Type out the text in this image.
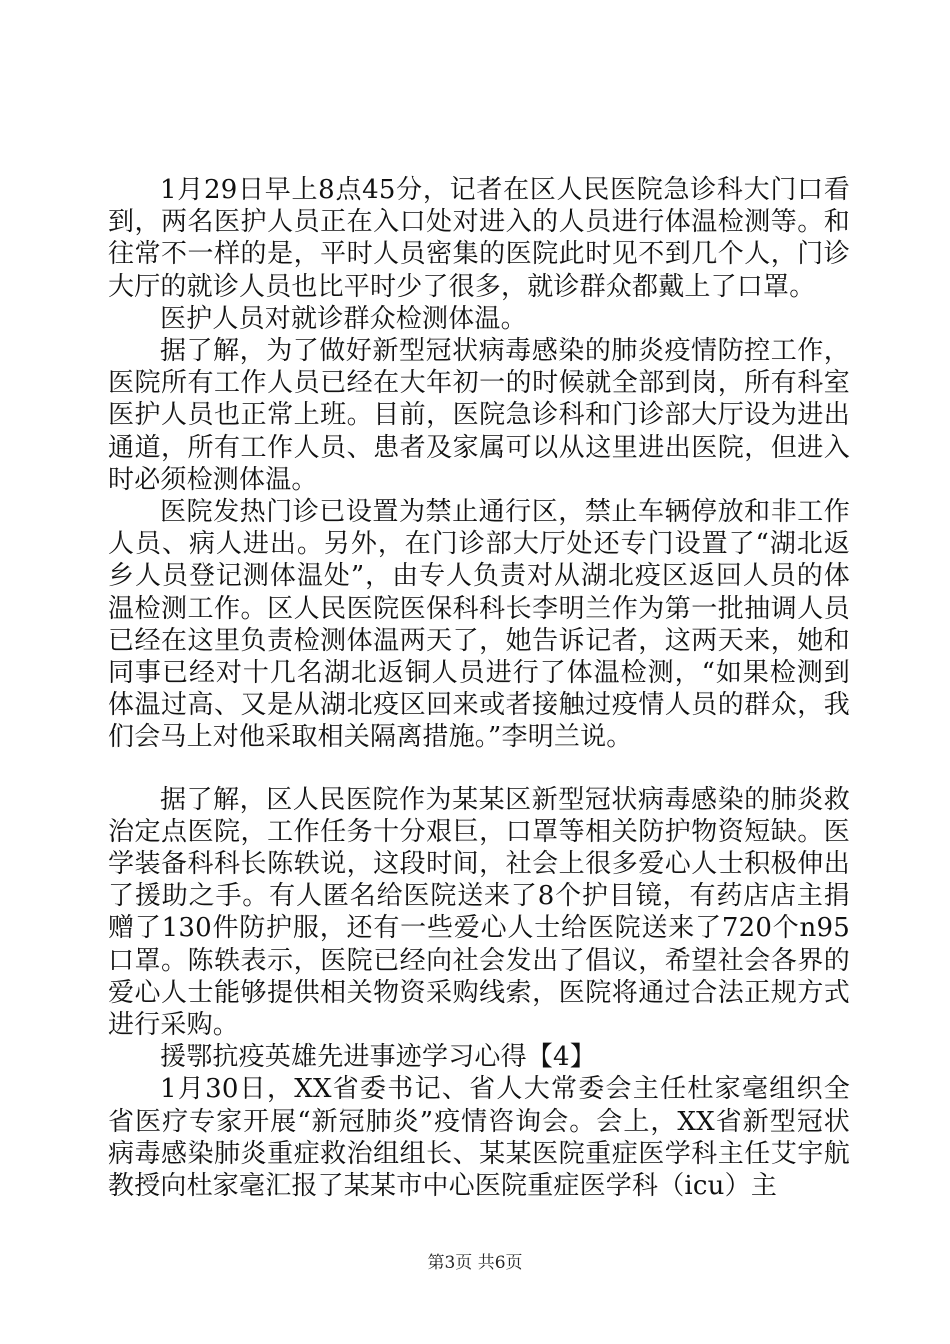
1月29日早上8点45分，记者在区人民医院急诊科大门口看到，两名医护人员正在入口处对进入的人员进行体温检测等。和往常不一样的是，平时人员密集的医院此时见不到几个人，门诊大厅的就诊人员也比平时少了很多，就诊群众都戴上了口罩。

医护人员对就诊群众检测体温。

据了解，为了做好新型冠状病毒感染的肺炎疫情防控工作，医院所有工作人员已经在大年初一的时候就全部到岗，所有科室医护人员也正常上班。目前，医院急诊科和门诊部大厅设为进出通道，所有工作人员、患者及家属可以从这里进出医院，但进入时必须检测体温。

医院发热门诊已设置为禁止通行区，禁止车辆停放和非工作人员、病人进出。另外，在门诊部大厅处还专门设置了“湖北返乡人员登记测体温处”，由专人负责对从湖北疫区返回人员的体温检测工作。区人民医院医保科科长李明兰作为第一批抽调人员已经在这里负责检测体温两天了，她告诉记者，这两天来，她和同事已经对十几名湖北返铜人员进行了体温检测，“如果检测到体温过高、又是从湖北疫区回来或者接触过疫情人员的群众，我们会马上对他采取相关隔离措施。”李明兰说。

据了解，区人民医院作为某某区新型冠状病毒感染的肺炎救治定点医院，工作任务十分艰巨，口罩等相关防护物资短缺。医学装备科科长陈轶说，这段时间，社会上很多爱心人士积极伸出了援助之手。有人匿名给医院送来了8个护目镜，有药店店主捐赠了130件防护服，还有一些爱心人士给医院送来了720个n95口罩。陈轶表示，医院已经向社会发出了倡议，希望社会各界的爱心人士能够提供相关物资采购线索，医院将通过合法正规方式进行采购。

援鄂抗疫英雄先进事迹学习心得【4】

1月30日，XX省委书记、省人大常委会主任杜家毫组织全省医疗专家开展“新冠肺炎”疫情咨询会。会上，XX省新型冠状病毒感染肺炎重症救治组组长、某某医院重症医学科主任艾宇航教授向杜家毫汇报了某某市中心医院重症医学科（icu）主

第3页 共6页
